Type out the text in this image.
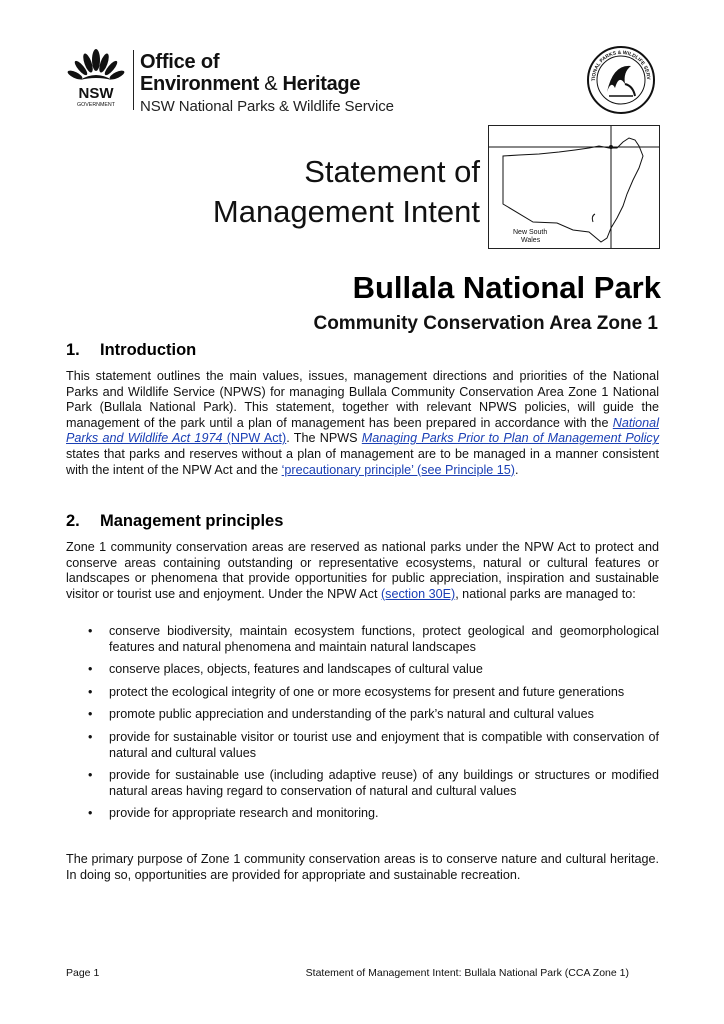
NSW
GOVERNMENT
Office of
Environment & Heritage
NSW National Parks & Wildlife Service
TIONAL PARKS & WILDLIFE SERV
Statement of
Management Intent
New South
Wales
Bullala National Park
Community Conservation Area Zone 1
1. Introduction
This statement outlines the main values, issues, management directions and priorities of the National Parks and Wildlife Service (NPWS) for managing Bullala Community Conservation Area Zone 1 National Park (Bullala National Park). This statement, together with relevant NPWS policies, will guide the management of the park until a plan of management has been prepared in accordance with the National Parks and Wildlife Act 1974 (NPW Act). The NPWS Managing Parks Prior to Plan of Management Policy states that parks and reserves without a plan of management are to be managed in a manner consistent with the intent of the NPW Act and the ‘precautionary principle’ (see Principle 15).
2. Management principles
Zone 1 community conservation areas are reserved as national parks under the NPW Act to protect and conserve areas containing outstanding or representative ecosystems, natural or cultural features or landscapes or phenomena that provide opportunities for public appreciation, inspiration and sustainable visitor or tourist use and enjoyment. Under the NPW Act (section 30E), national parks are managed to:
• conserve biodiversity, maintain ecosystem functions, protect geological and geomorphological features and natural phenomena and maintain natural landscapes
• conserve places, objects, features and landscapes of cultural value
• protect the ecological integrity of one or more ecosystems for present and future generations
• promote public appreciation and understanding of the park’s natural and cultural values
• provide for sustainable visitor or tourist use and enjoyment that is compatible with conservation of natural and cultural values
• provide for sustainable use (including adaptive reuse) of any buildings or structures or modified natural areas having regard to conservation of natural and cultural values
• provide for appropriate research and monitoring.
The primary purpose of Zone 1 community conservation areas is to conserve nature and cultural heritage. In doing so, opportunities are provided for appropriate and sustainable recreation.
Page 1	Statement of Management Intent: Bullala National Park (CCA Zone 1)
